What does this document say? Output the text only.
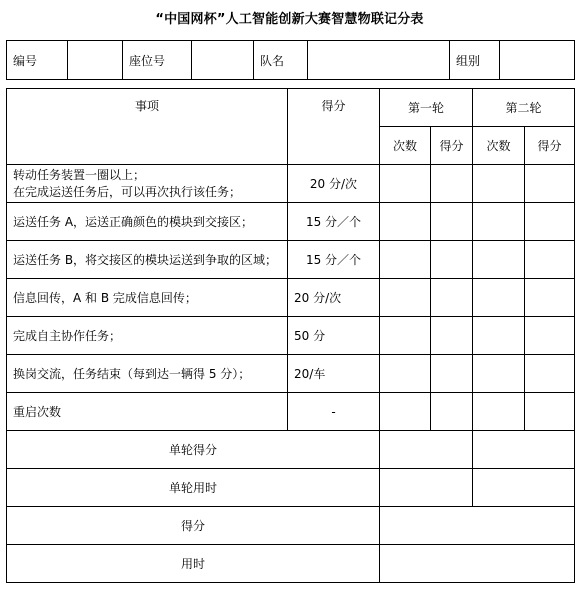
“中国网杯”人工智能创新大赛智慧物联记分表
编号		座位号		队名		组别	
事项	得分	第一轮		第二轮	
		次数	得分	次数	得分

转动任务装置一圈以上；
在完成运送任务后，可以再次执行该任务；	20 分/次				
运送任务 A，运送正确颜色的模块到交接区；	15 分／个				
运送任务 B，将交接区的模块运送到争取的区域；	15 分／个				
信息回传，A 和 B 完成信息回传；	20 分/次				
完成自主协作任务；	50 分				
换岗交流，任务结束（每到达一辆得 5 分）；	20/车				
重启次数	-				
单轮得分					
单轮用时					
得分					
用时					
